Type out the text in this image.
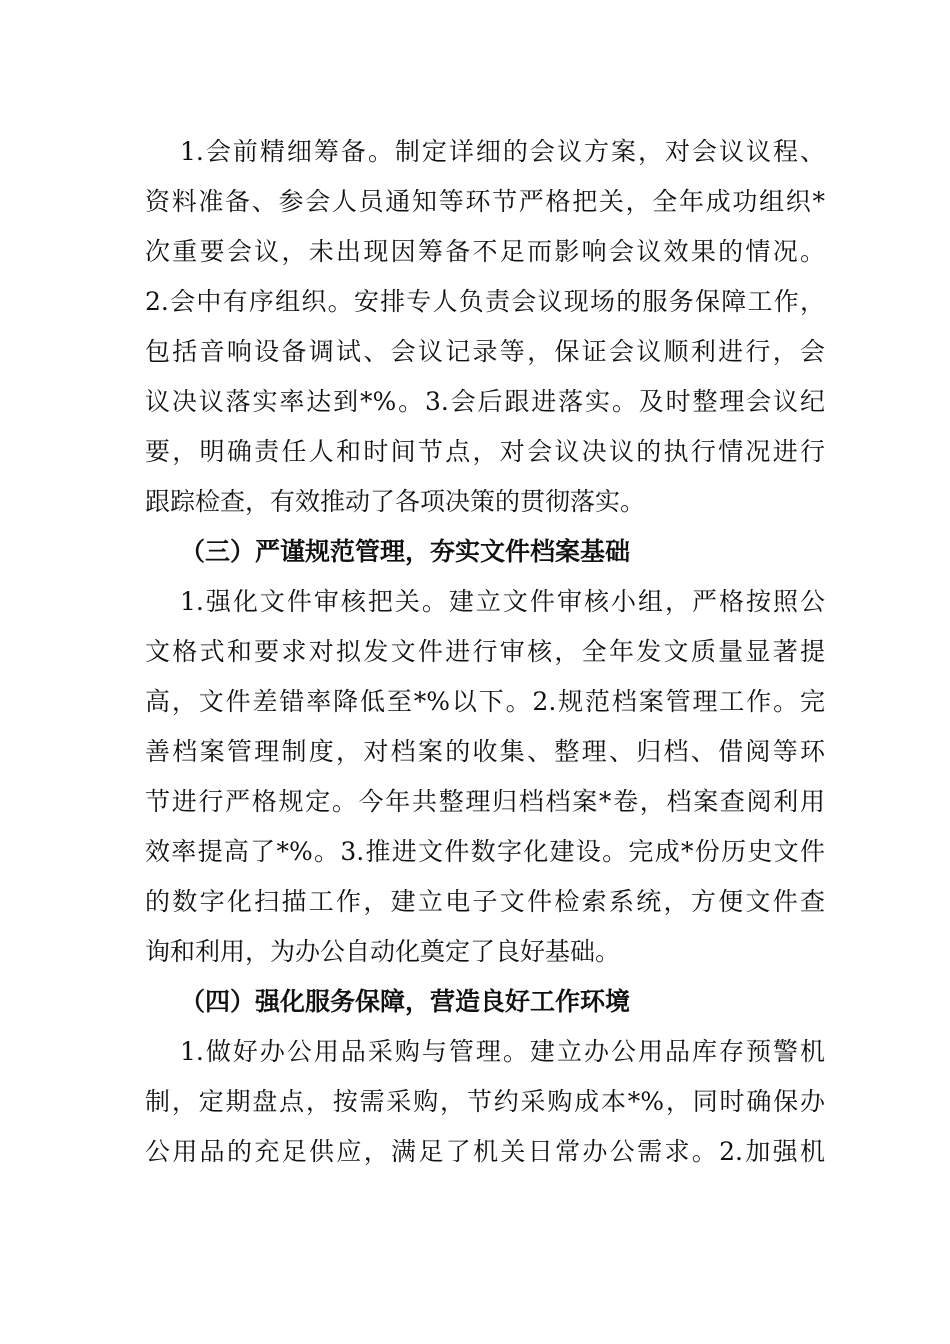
1.会前精细筹备。制定详细的会议方案，对会议议程、
资料准备、参会人员通知等环节严格把关，全年成功组织*
次重要会议，未出现因筹备不足而影响会议效果的情况。
2.会中有序组织。安排专人负责会议现场的服务保障工作，
包括音响设备调试、会议记录等，保证会议顺利进行，会
议决议落实率达到*%。3.会后跟进落实。及时整理会议纪
要，明确责任人和时间节点，对会议决议的执行情况进行
跟踪检查，有效推动了各项决策的贯彻落实。
（三）严谨规范管理，夯实文件档案基础
1.强化文件审核把关。建立文件审核小组，严格按照公
文格式和要求对拟发文件进行审核，全年发文质量显著提
高，文件差错率降低至*%以下。2.规范档案管理工作。完
善档案管理制度，对档案的收集、整理、归档、借阅等环
节进行严格规定。今年共整理归档档案*卷，档案查阅利用
效率提高了*%。3.推进文件数字化建设。完成*份历史文件
的数字化扫描工作，建立电子文件检索系统，方便文件查
询和利用，为办公自动化奠定了良好基础。
（四）强化服务保障，营造良好工作环境
1.做好办公用品采购与管理。建立办公用品库存预警机
制，定期盘点，按需采购，节约采购成本*%，同时确保办
公用品的充足供应，满足了机关日常办公需求。2.加强机
